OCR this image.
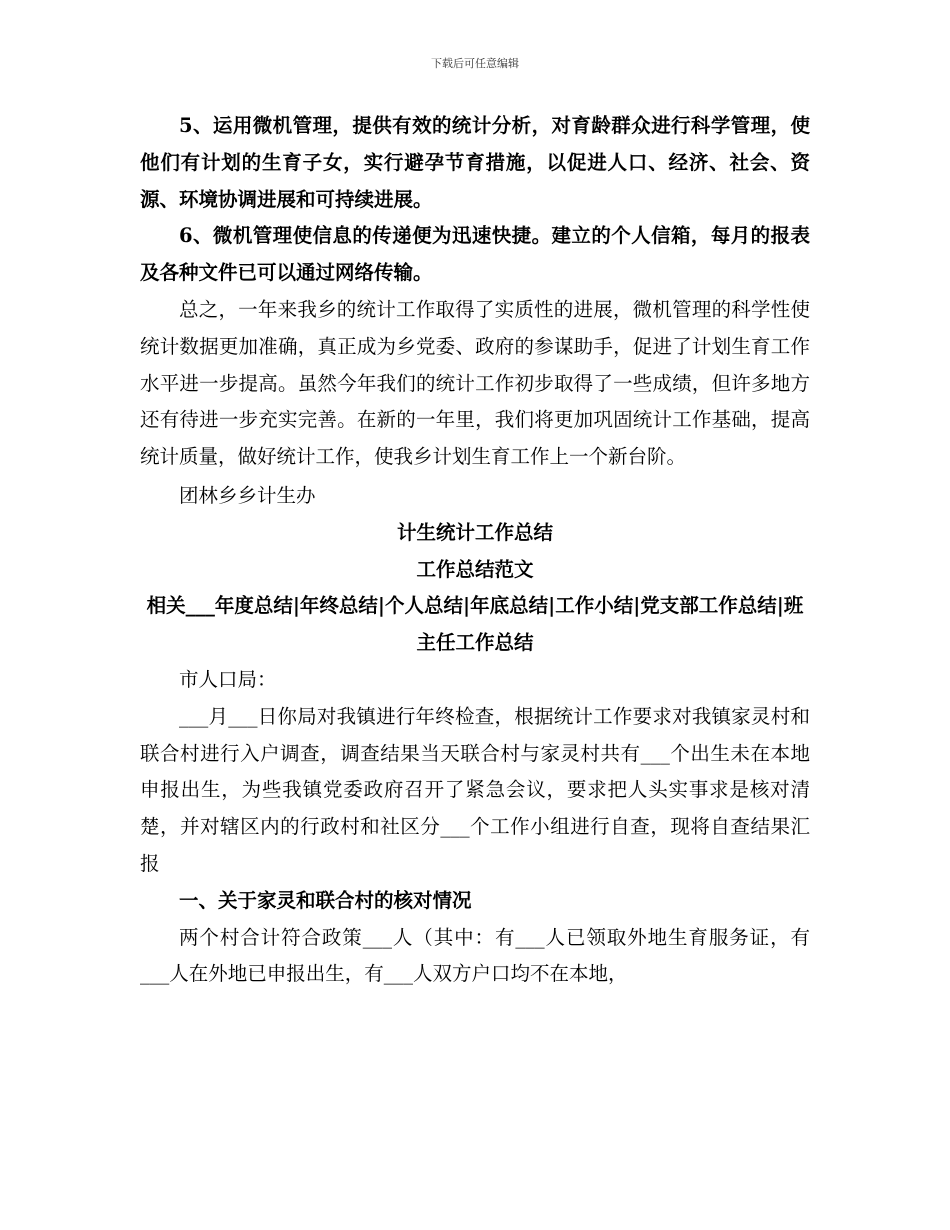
下载后可任意编辑

5、运用微机管理，提供有效的统计分析，对育龄群众进行科学管理，使他们有计划的生育子女，实行避孕节育措施，以促进人口、经济、社会、资源、环境协调进展和可持续进展。

6、微机管理使信息的传递便为迅速快捷。建立的个人信箱，每月的报表及各种文件已可以通过网络传输。

总之，一年来我乡的统计工作取得了实质性的进展，微机管理的科学性使统计数据更加准确，真正成为乡党委、政府的参谋助手，促进了计划生育工作水平进一步提高。虽然今年我们的统计工作初步取得了一些成绩，但许多地方还有待进一步充实完善。在新的一年里，我们将更加巩固统计工作基础，提高统计质量，做好统计工作，使我乡计划生育工作上一个新台阶。

团林乡乡计生办

计生统计工作总结

工作总结范文

相关___年度总结|年终总结|个人总结|年底总结|工作小结|党支部工作总结|班主任工作总结

市人口局：

___月___日你局对我镇进行年终检查，根据统计工作要求对我镇家灵村和联合村进行入户调查，调查结果当天联合村与家灵村共有___个出生未在本地申报出生，为些我镇党委政府召开了紧急会议，要求把人头实事求是核对清楚，并对辖区内的行政村和社区分___个工作小组进行自查，现将自查结果汇报

一、关于家灵和联合村的核对情况

两个村合计符合政策___人（其中：有___人已领取外地生育服务证，有___人在外地已申报出生，有___人双方户口均不在本地，
